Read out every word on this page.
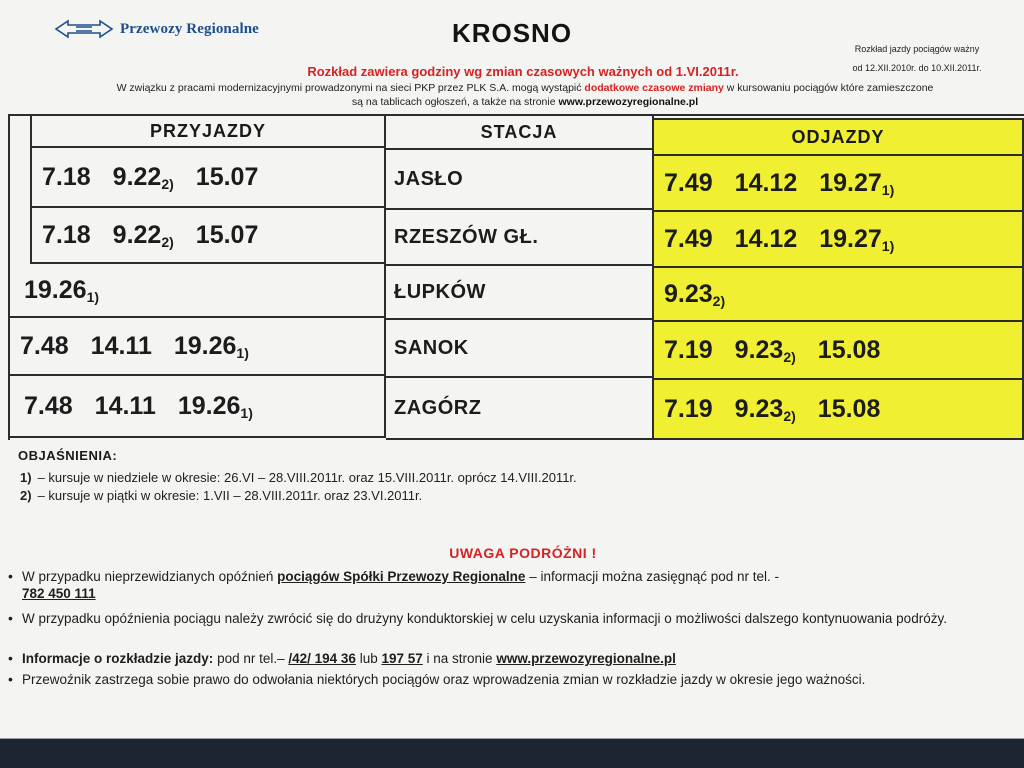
Przewozy Regionalne	KROSNO
Rozkład jazdy pociągów ważny
od 12.XII.2010r. do 10.XII.2011r.
Rozkład zawiera godziny wg zmian czasowych ważnych od 1.VI.2011r.
W związku z pracami modernizacyjnymi prowadzonymi na sieci PKP przez PLK S.A. mogą wystąpić dodatkowe czasowe zmiany w kursowaniu pociągów które zamieszczone
są na tablicach ogłoszeń, a także na stronie www.przewozyregionalne.pl
PRZYJAZDY	STACJA	ODJAZDY
7.18 $9.22_{2)}$ 15.07	JASŁO	7.49 14.12 $19.27_{1)}$
7.18 $9.22_{2)}$ 15.07	RZESZÓW GŁ.	7.49 14.12 $19.27_{1)}$
$19.26_{1)}$	ŁUPKÓW	$9.23_{2)}$
7.48 14.11 $19.26_{1)}$	SANOK	7.19 $9.23_{2)}$ 15.08
7.48 14.11 $19.26_{1)}$	ZAGÓRZ	7.19 $9.23_{2)}$ 15.08
OBJAŚNIENIA:
1) – kursuje w niedziele w okresie: 26.VI – 28.VIII.2011r. oraz 15.VIII.2011r. oprócz 14.VIII.2011r.
2) – kursuje w piątki w okresie: 1.VII – 28.VIII.2011r. oraz 23.VI.2011r.
UWAGA PODRÓŻNI !
• W przypadku nieprzewidzianych opóźnień pociągów Spółki Przewozy Regionalne – informacji można zasięgnąć pod nr tel. -
782 450 111
• W przypadku opóźnienia pociągu należy zwrócić się do drużyny konduktorskiej w celu uzyskania informacji o możliwości dalszego kontynuowania podróży.
• Informacje o rozkładzie jazdy: pod nr tel.– /42/ 194 36 lub 197 57 i na stronie www.przewozyregionalne.pl
• Przewoźnik zastrzega sobie prawo do odwołania niektórych pociągów oraz wprowadzenia zmian w rozkładzie jazdy w okresie jego ważności.
